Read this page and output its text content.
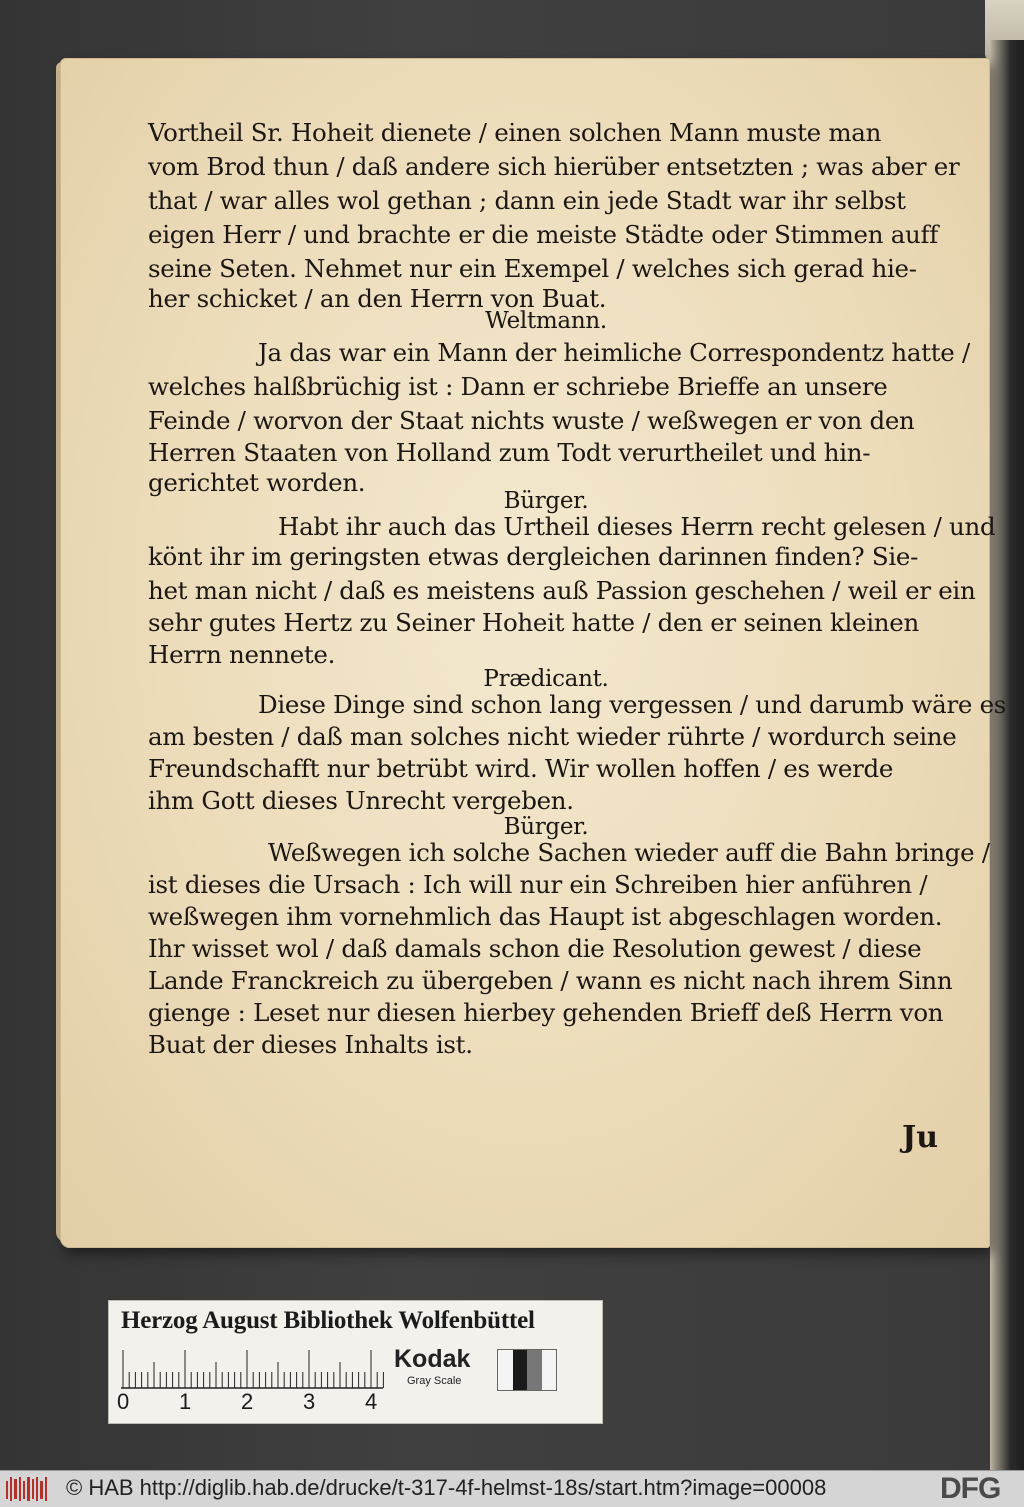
Vortheil Sr. Hoheit dienete / einen solchen Mann muste man
vom Brod thun / daß andere sich hierüber entsetzten ; was aber er
that / war alles wol gethan ; dann ein jede Stadt war ihr selbst
eigen Herr / und brachte er die meiste Städte oder Stimmen auff
seine Seten. Nehmet nur ein Exempel / welches sich gerad hie-
her schicket / an den Herrn von Buat.
Weltmann.
Ja das war ein Mann der heimliche Correspondentz hatte /
welches halßbrüchig ist : Dann er schriebe Brieffe an unsere
Feinde / worvon der Staat nichts wuste / weßwegen er von den
Herren Staaten von Holland zum Todt verurtheilet und hin-
gerichtet worden.
Bürger.
Habt ihr auch das Urtheil dieses Herrn recht gelesen / und
könt ihr im geringsten etwas dergleichen darinnen finden? Sie-
het man nicht / daß es meistens auß Passion geschehen / weil er ein
sehr gutes Hertz zu Seiner Hoheit hatte / den er seinen kleinen
Herrn nennete.
Prædicant.
Diese Dinge sind schon lang vergessen / und darumb wäre es
am besten / daß man solches nicht wieder rührte / wordurch seine
Freundschafft nur betrübt wird. Wir wollen hoffen / es werde
ihm Gott dieses Unrecht vergeben.
Bürger.
Weßwegen ich solche Sachen wieder auff die Bahn bringe /
ist dieses die Ursach : Ich will nur ein Schreiben hier anführen /
weßwegen ihm vornehmlich das Haupt ist abgeschlagen worden.
Ihr wisset wol / daß damals schon die Resolution gewest / diese
Lande Franckreich zu übergeben / wann es nicht nach ihrem Sinn
gienge : Leset nur diesen hierbey gehenden Brieff deß Herrn von
Buat der dieses Inhalts ist.
Ju
Herzog August Bibliothek Wolfenbüttel
Kodak
Gray Scale
0 1 2 3 4
© HAB http://diglib.hab.de/drucke/t-317-4f-helmst-18s/start.htm?image=00008	DFG
